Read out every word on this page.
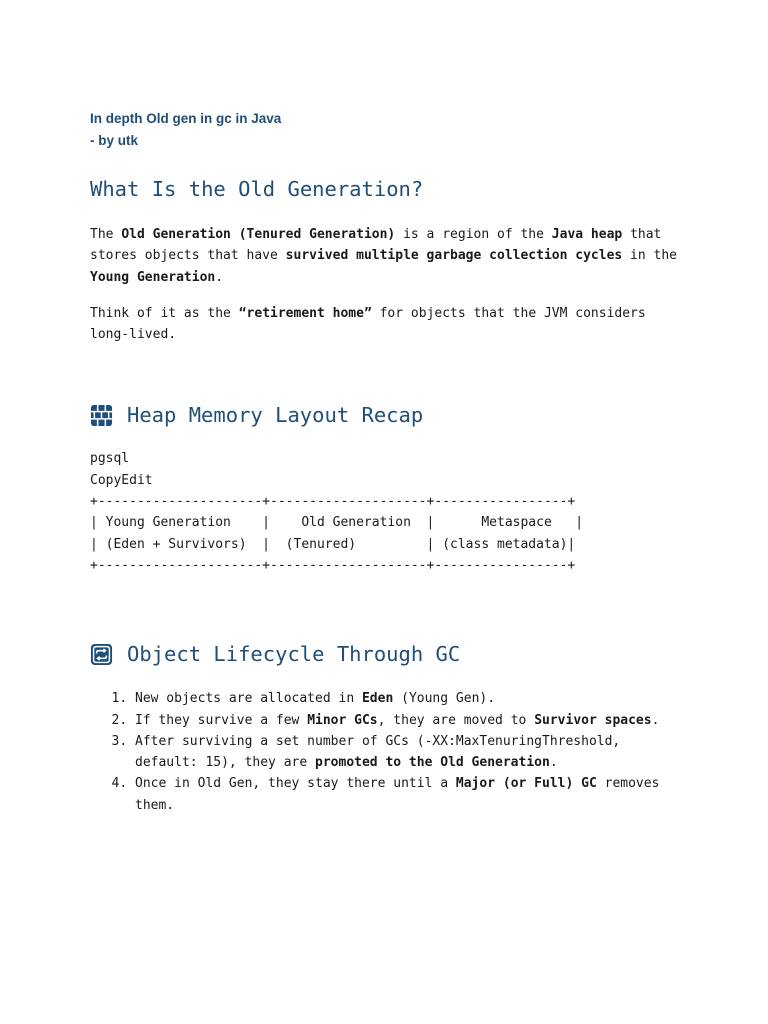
In depth Old gen in gc in Java

- by utk

What Is the Old Generation?

The Old Generation (Tenured Generation) is a region of the Java heap that stores objects that have survived multiple garbage collection cycles in the Young Generation.

Think of it as the “retirement home” for objects that the JVM considers long-lived.

Heap Memory Layout Recap
pgsql
CopyEdit
+---------------------+--------------------+-----------------+
| Young Generation    |    Old Generation  |      Metaspace   |
| (Eden + Survivors)  |  (Tenured)         | (class metadata)|
+---------------------+--------------------+-----------------+
Object Lifecycle Through GC
1. New objects are allocated in Eden (Young Gen).
2. If they survive a few Minor GCs, they are moved to Survivor spaces.
3. After surviving a set number of GCs (-XX:MaxTenuringThreshold, default: 15), they are promoted to the Old Generation.
4. Once in Old Gen, they stay there until a Major (or Full) GC removes them.
